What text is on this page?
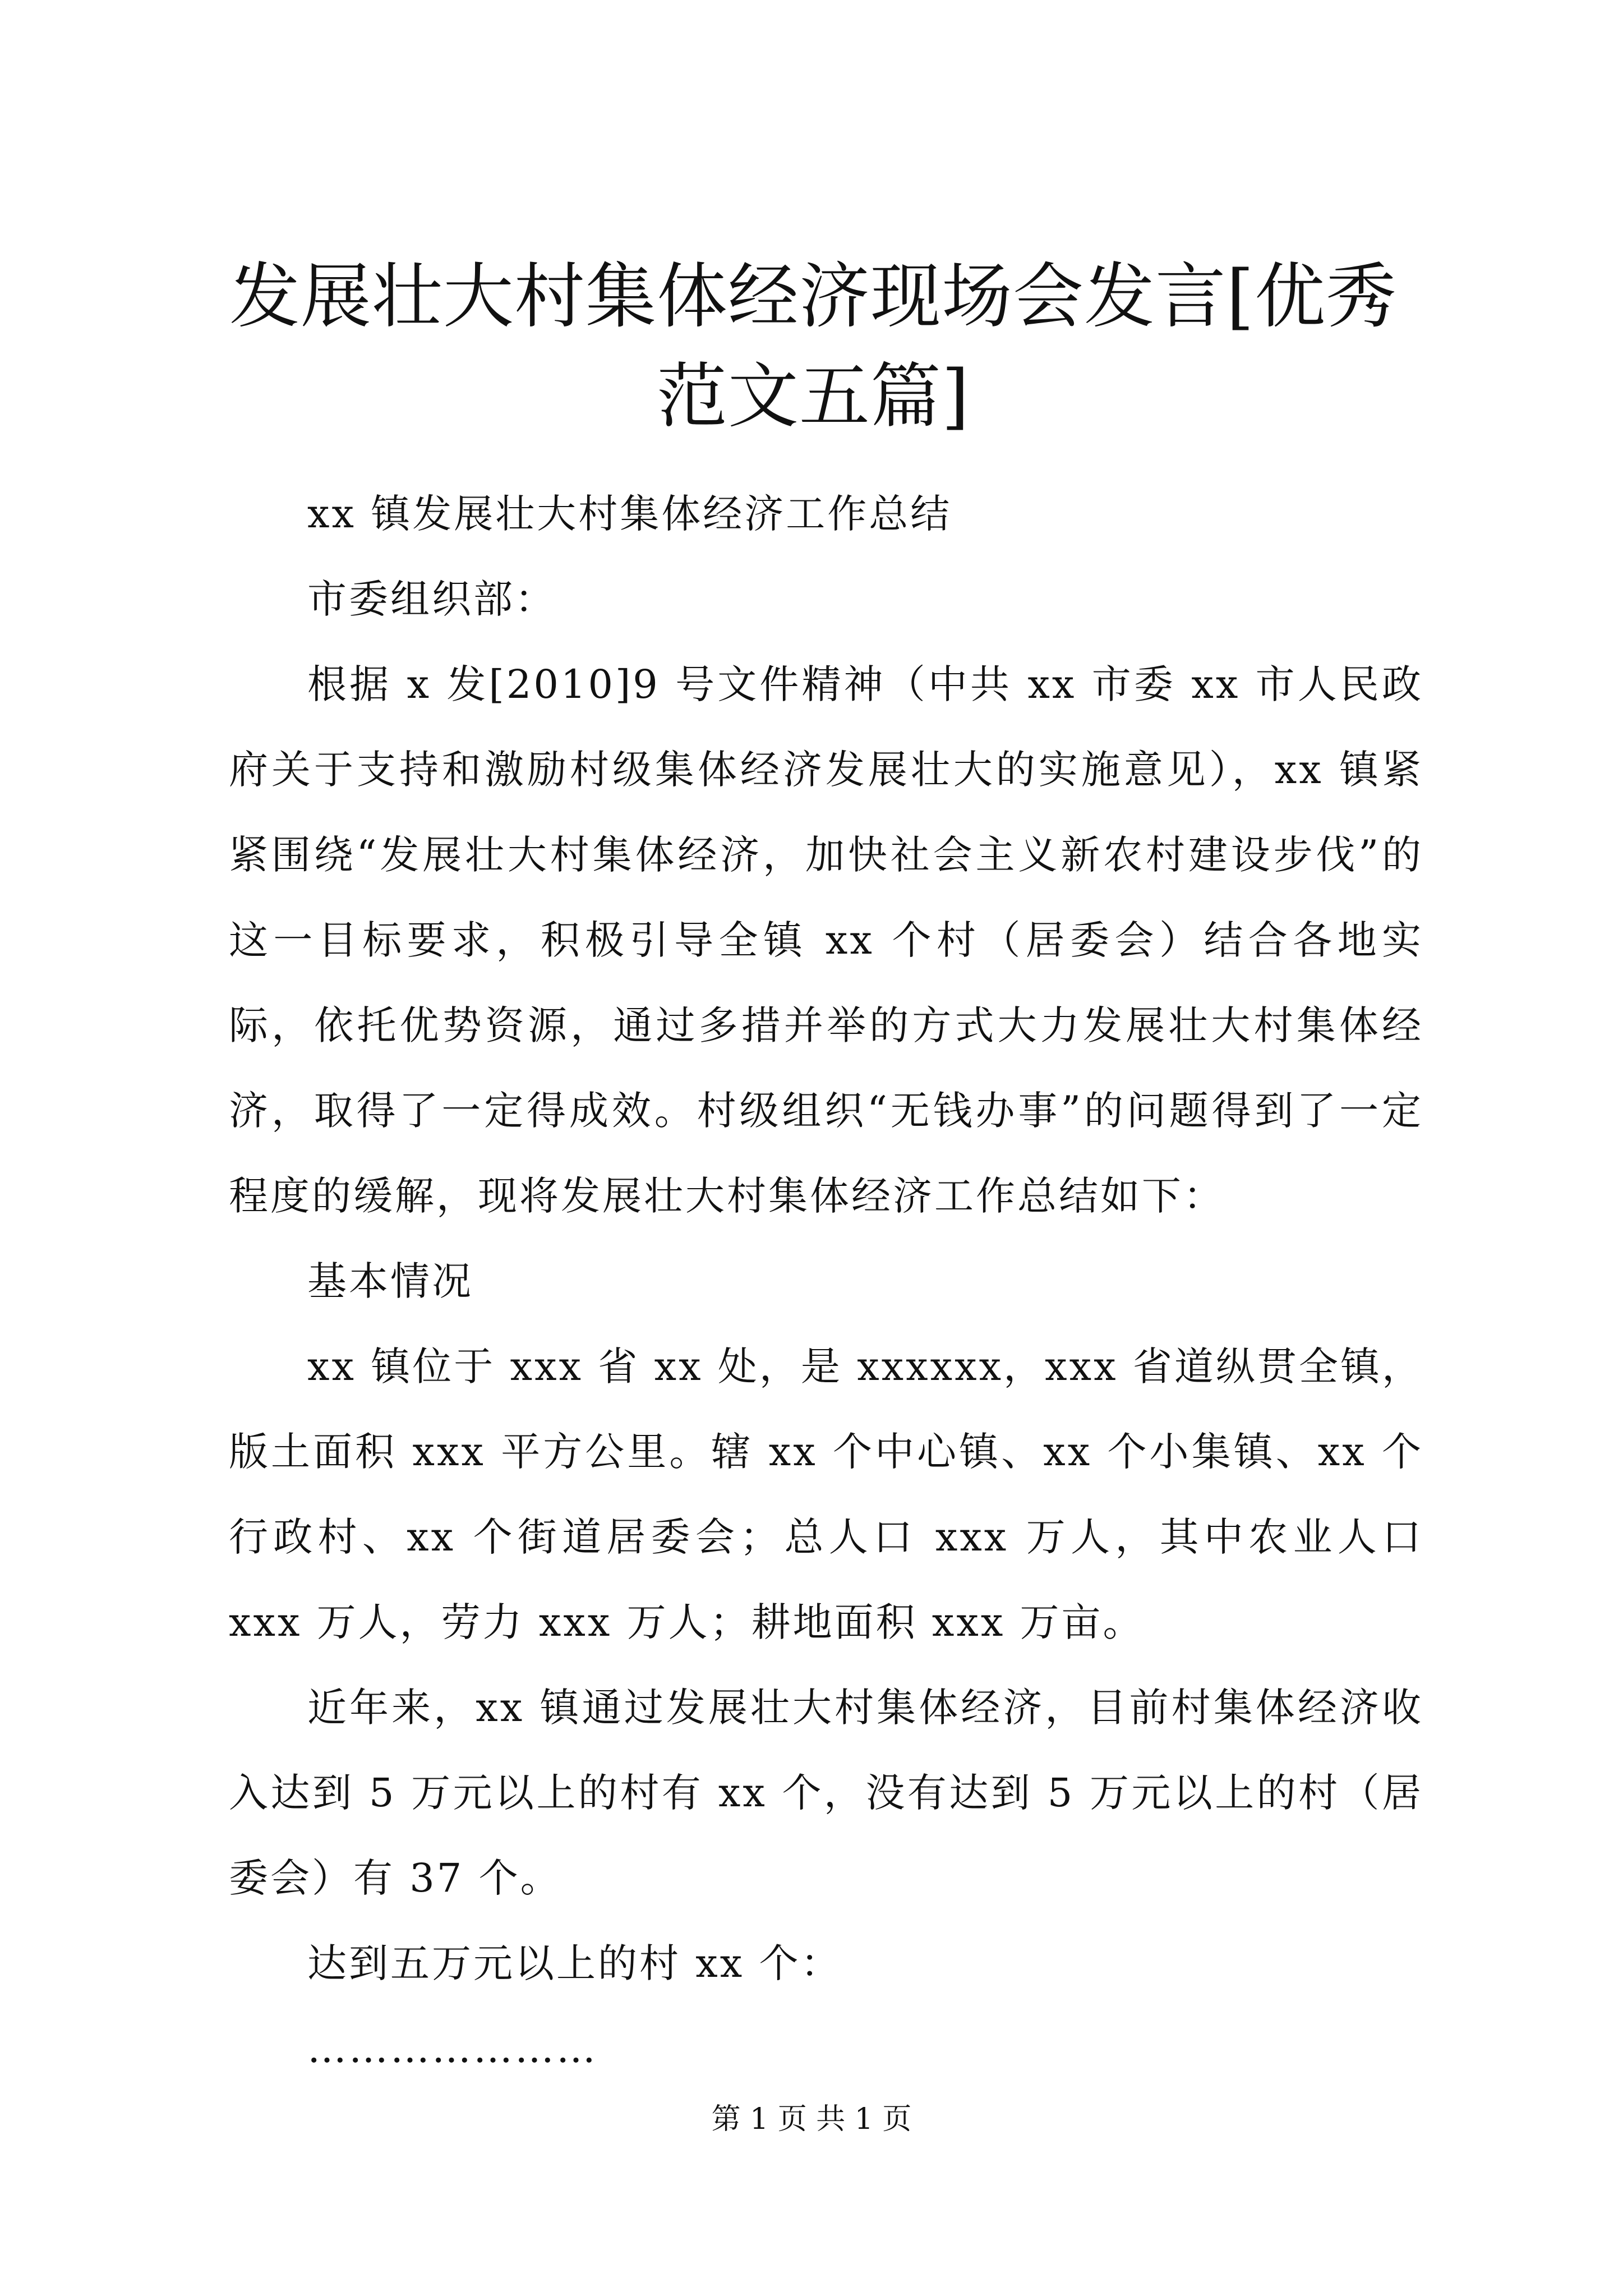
发展壮大村集体经济现场会发言[优秀范文五篇]

xx 镇发展壮大村集体经济工作总结

市委组织部：

根据 x 发[2010]9 号文件精神（中共 xx 市委 xx 市人民政府关于支持和激励村级集体经济发展壮大的实施意见），xx 镇紧紧围绕“发展壮大村集体经济，加快社会主义新农村建设步伐”的这一目标要求，积极引导全镇 xx 个村（居委会）结合各地实际，依托优势资源，通过多措并举的方式大力发展壮大村集体经济，取得了一定得成效。村级组织“无钱办事”的问题得到了一定程度的缓解，现将发展壮大村集体经济工作总结如下：

基本情况

xx 镇位于 xxx 省 xx 处，是 xxxxxx，xxx 省道纵贯全镇，版土面积 xxx 平方公里。辖 xx 个中心镇、xx 个小集镇、xx 个行政村、xx 个街道居委会；总人口 xxx 万人，其中农业人口 xxx 万人，劳力 xxx 万人；耕地面积 xxx 万亩。

近年来，xx 镇通过发展壮大村集体经济，目前村集体经济收入达到 5 万元以上的村有 xx 个，没有达到 5 万元以上的村（居委会）有 37 个。

达到五万元以上的村 xx 个：

…………………

第 1 页 共 1 页
